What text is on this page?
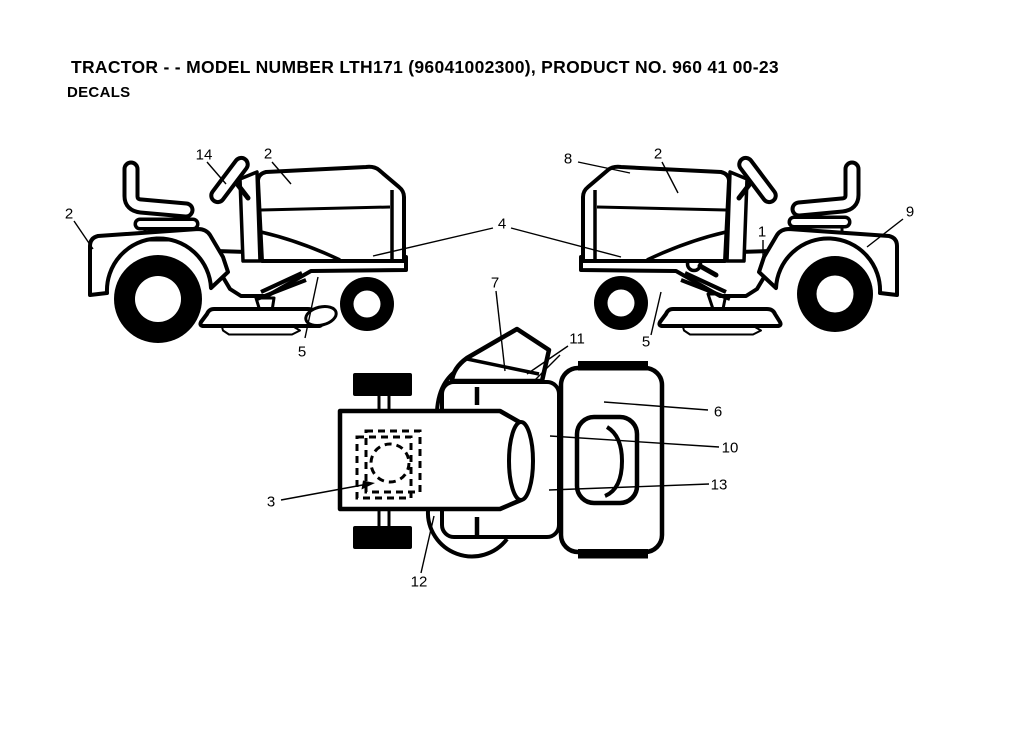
TRACTOR - - MODEL NUMBER LTH171 (96041002300), PRODUCT NO. 960 41 00-23
DECALS
14	2
2
5
4
8	2
1
9
5
7
11
6
10
13
3
12
